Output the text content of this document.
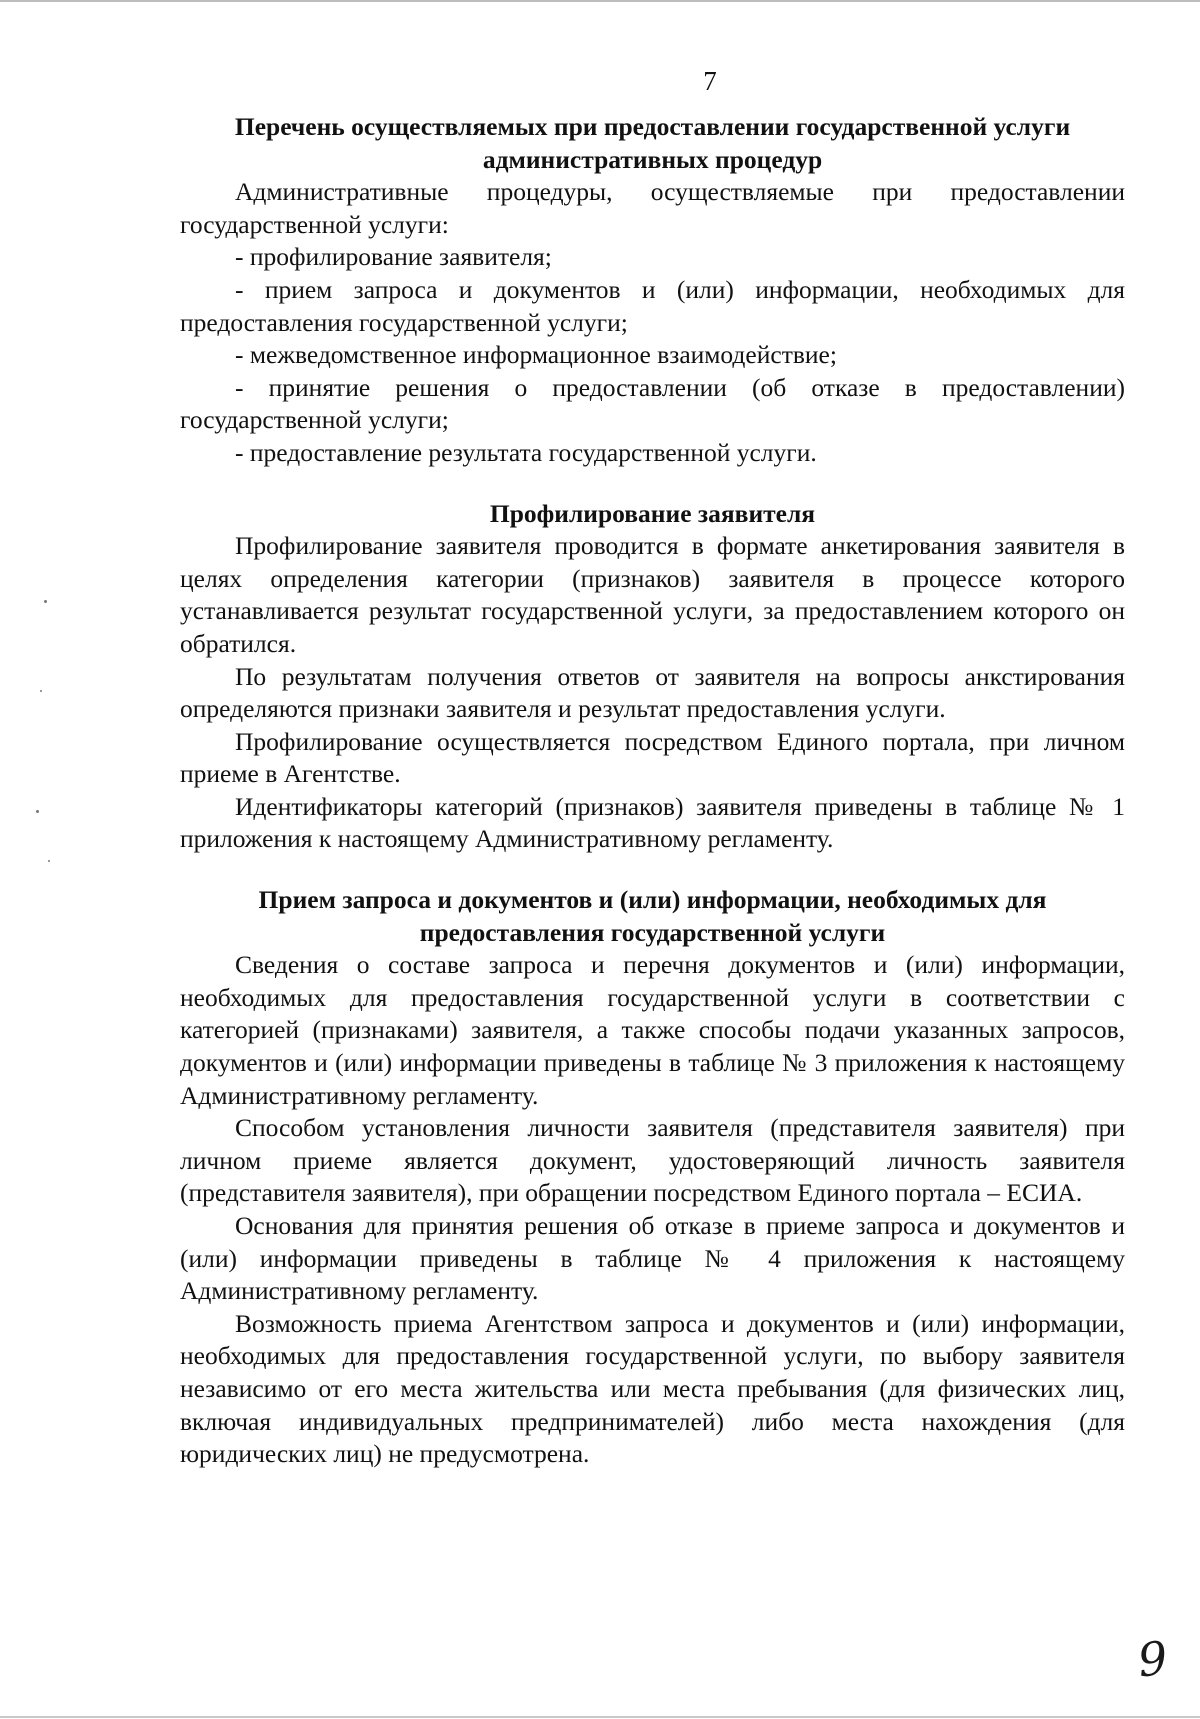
7
Перечень осуществляемых при предоставлении государственной услуги административных процедур

Административные процедуры, осуществляемые при предоставлении государственной услуги:

- профилирование заявителя;

- прием запроса и документов и (или) информации, необходимых для предоставления государственной услуги;

- межведомственное информационное взаимодействие;

- принятие решения о предоставлении (об отказе в предоставлении) государственной услуги;

- предоставление результата государственной услуги.

Профилирование заявителя

Профилирование заявителя проводится в формате анкетирования заявителя в целях определения категории (признаков) заявителя в процессе которого устанавливается результат государственной услуги, за предоставлением которого он обратился.

По результатам получения ответов от заявителя на вопросы анкстирования определяются признаки заявителя и результат предоставления услуги.

Профилирование осуществляется посредством Единого портала, при личном приеме в Агентстве.

Идентификаторы категорий (признаков) заявителя приведены в таблице № 1 приложения к настоящему Административному регламенту.

Прием запроса и документов и (или) информации, необходимых для предоставления государственной услуги

Сведения о составе запроса и перечня документов и (или) информации, необходимых для предоставления государственной услуги в соответствии с категорией (признаками) заявителя, а также способы подачи указанных запросов, документов и (или) информации приведены в таблице № 3 приложения к настоящему Административному регламенту.

Способом установления личности заявителя (представителя заявителя) при личном приеме является документ, удостоверяющий личность заявителя (представителя заявителя), при обращении посредством Единого портала – ЕСИА.

Основания для принятия решения об отказе в приеме запроса и документов и (или) информации приведены в таблице № 4 приложения к настоящему Административному регламенту.

Возможность приема Агентством запроса и документов и (или) информации, необходимых для предоставления государственной услуги, по выбору заявителя независимо от его места жительства или места пребывания (для физических лиц, включая индивидуальных предпринимателей) либо места нахождения (для юридических лиц) не предусмотрена.

9
